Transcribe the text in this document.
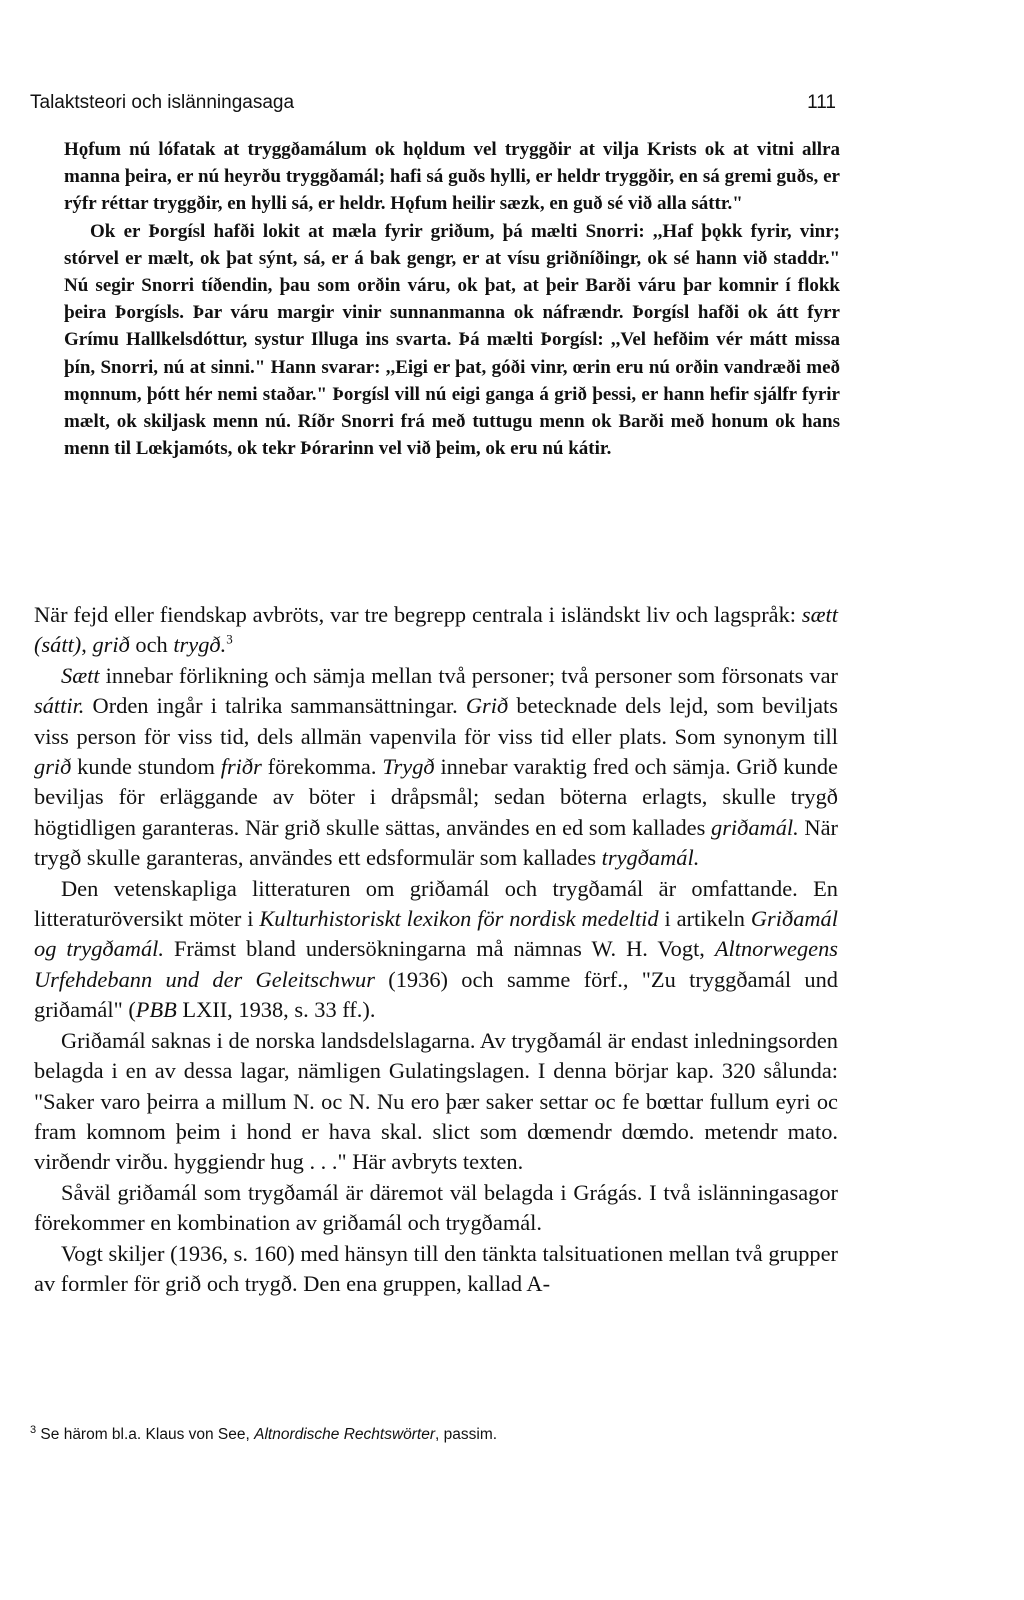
Talaktsteori och islänningasaga	111

Hǫfum nú lófatak at tryggðamálum ok hǫldum vel tryggðir at vilja Krists ok at vitni allra manna þeira, er nú heyrðu tryggðamál; hafi sá guðs hylli, er heldr tryggðir, en sá gremi guðs, er rýfr réttar tryggðir, en hylli sá, er heldr. Hǫfum heilir sæzk, en guð sé við alla sáttr."

Ok er Þorgísl hafði lokit at mæla fyrir griðum, þá mælti Snorri: ,,Haf þǫkk fyrir, vinr; stórvel er mælt, ok þat sýnt, sá, er á bak gengr, er at vísu griðníðingr, ok sé hann við staddr." Nú segir Snorri tíðendin, þau som orðin váru, ok þat, at þeir Barði váru þar komnir í flokk þeira Þorgísls. Þar váru margir vinir sunnanmanna ok náfrændr. Þorgísl hafði ok átt fyrr Grímu Hallkelsdóttur, systur Illuga ins svarta. Þá mælti Þorgísl: ,,Vel hefðim vér mátt missa þín, Snorri, nú at sinni." Hann svarar: ,,Eigi er þat, góði vinr, œrin eru nú orðin vandræði með mǫnnum, þótt hér nemi staðar." Þorgísl vill nú eigi ganga á grið þessi, er hann hefir sjálfr fyrir mælt, ok skiljask menn nú. Ríðr Snorri frá með tuttugu menn ok Barði með honum ok hans menn til Lœkjamóts, ok tekr Þórarinn vel við þeim, ok eru nú kátir.

När fejd eller fiendskap avbröts, var tre begrepp centrala i isländskt liv och lagspråk: sætt (sátt), grið och trygð.$^3$

Sætt innebar förlikning och sämja mellan två personer; två personer som försonats var sáttir. Orden ingår i talrika sammansättningar. Grið betecknade dels lejd, som beviljats viss person för viss tid, dels allmän vapenvila för viss tid eller plats. Som synonym till grið kunde stundom friðr förekomma. Trygð innebar varaktig fred och sämja. Grið kunde beviljas för erläggande av böter i dråpsmål; sedan böterna erlagts, skulle trygð högtidligen garanteras. När grið skulle sättas, användes en ed som kallades griðamál. När trygð skulle garanteras, användes ett edsformulär som kallades trygðamál.

Den vetenskapliga litteraturen om griðamál och trygðamál är omfattande. En litteraturöversikt möter i Kulturhistoriskt lexikon för nordisk medeltid i artikeln Griðamál og trygðamál. Främst bland undersökningarna må nämnas W. H. Vogt, Altnorwegens Urfehdebann und der Geleitschwur (1936) och samme förf., "Zu tryggðamál und griðamál" (PBB LXII, 1938, s. 33 ff.).

Griðamál saknas i de norska landsdelslagarna. Av trygðamál är endast inledningsorden belagda i en av dessa lagar, nämligen Gulatingslagen. I denna börjar kap. 320 sålunda: "Saker varo þeirra a millum N. oc N. Nu ero þær saker settar oc fe bœttar fullum eyri oc fram komnom þeim i hond er hava skal. slict som dœmendr dœmdo. metendr mato. virðendr virðu. hyggiendr hug . . ." Här avbryts texten.

Såväl griðamál som trygðamál är däremot väl belagda i Grágás. I två islänningasagor förekommer en kombination av griðamál och trygðamál.

Vogt skiljer (1936, s. 160) med hänsyn till den tänkta talsituationen mellan två grupper av formler för grið och trygð. Den ena gruppen, kallad A-

$^3$ Se härom bl.a. Klaus von See, Altnordische Rechtswörter, passim.
